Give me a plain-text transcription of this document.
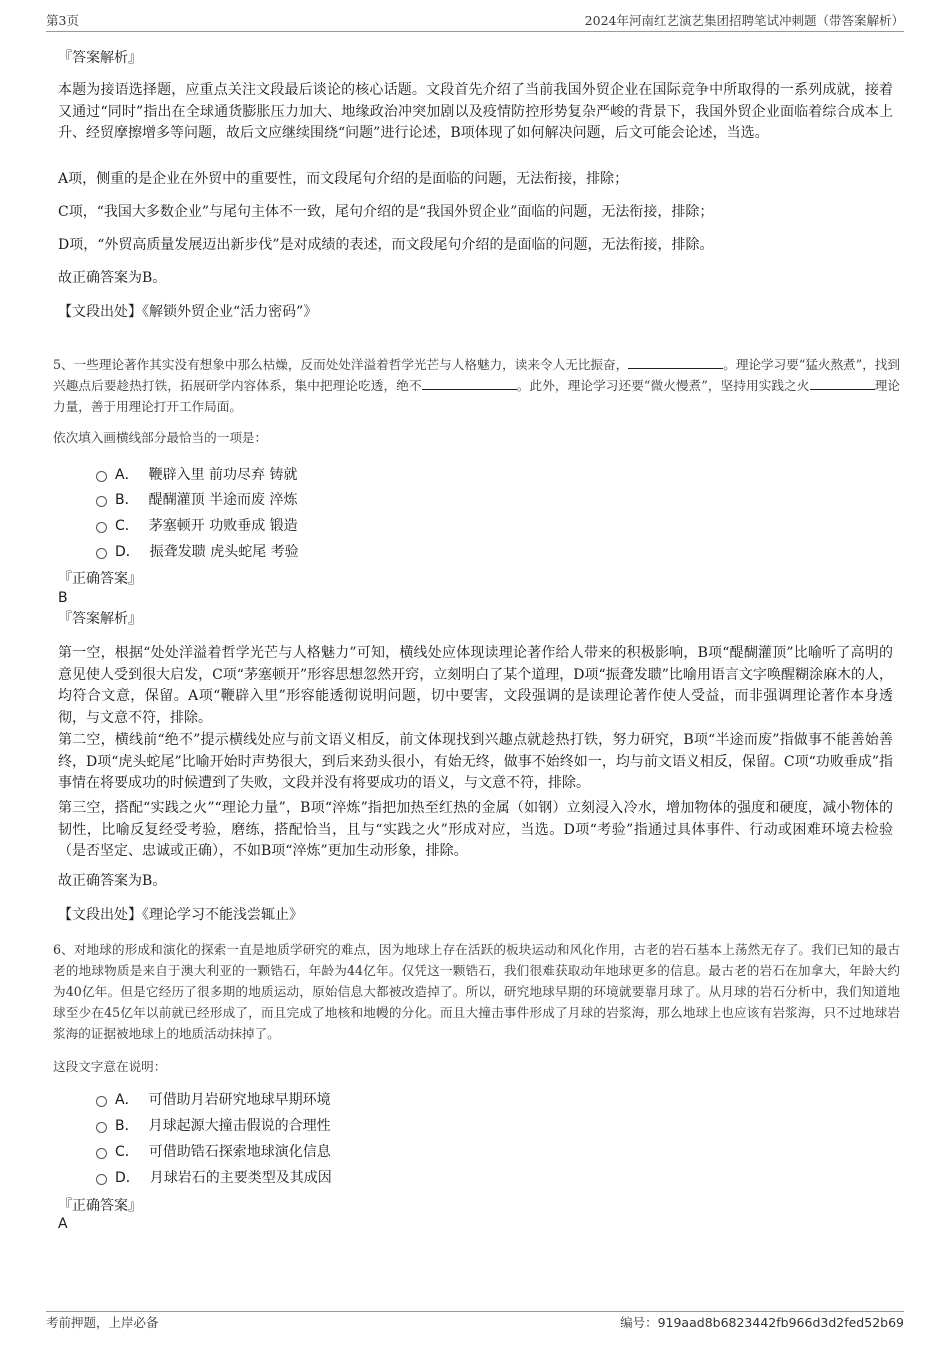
第3页	2024年河南红艺演艺集团招聘笔试冲刺题（带答案解析）
『答案解析』

本题为接语选择题，应重点关注文段最后谈论的核心话题。文段首先介绍了当前我国外贸企业在国际竞争中所取得的一系列成就，接着又通过“同时”指出在全球通货膨胀压力加大、地缘政治冲突加剧以及疫情防控形势复杂严峻的背景下，我国外贸企业面临着综合成本上升、经贸摩擦增多等问题，故后文应继续围绕“问题”进行论述，B项体现了如何解决问题，后文可能会论述，当选。

A项，侧重的是企业在外贸中的重要性，而文段尾句介绍的是面临的问题，无法衔接，排除；

C项，“我国大多数企业”与尾句主体不一致，尾句介绍的是“我国外贸企业”面临的问题，无法衔接，排除；

D项，“外贸高质量发展迈出新步伐”是对成绩的表述，而文段尾句介绍的是面临的问题，无法衔接，排除。

故正确答案为B。

【文段出处】《解锁外贸企业“活力密码”》

5、一些理论著作其实没有想象中那么枯燥，反而处处洋溢着哲学光芒与人格魅力，读来令人无比振奋，	。理论学习要“猛火熬煮”，找到兴趣点后要趁热打铁，拓展研学内容体系，集中把理论吃透，绝不	。此外，理论学习还要“微火慢煮”，坚持用实践之火	理论力量，善于用理论打开工作局面。

依次填入画横线部分最恰当的一项是：
A． 鞭辟入里 前功尽弃 铸就
B． 醍醐灌顶 半途而废 淬炼
C． 茅塞顿开 功败垂成 锻造
D． 振聋发聩 虎头蛇尾 考验
『正确答案』
B
『答案解析』

第一空，根据“处处洋溢着哲学光芒与人格魅力”可知，横线处应体现读理论著作给人带来的积极影响，B项“醍醐灌顶”比喻听了高明的意见使人受到很大启发，C项“茅塞顿开”形容思想忽然开窍，立刻明白了某个道理，D项“振聋发聩”比喻用语言文字唤醒糊涂麻木的人，均符合文意，保留。A项“鞭辟入里”形容能透彻说明问题，切中要害，文段强调的是读理论著作使人受益，而非强调理论著作本身透彻，与文意不符，排除。

第二空，横线前“绝不”提示横线处应与前文语义相反，前文体现找到兴趣点就趁热打铁，努力研究，B项“半途而废”指做事不能善始善终，D项“虎头蛇尾”比喻开始时声势很大，到后来劲头很小，有始无终，做事不始终如一，均与前文语义相反，保留。C项“功败垂成”指事情在将要成功的时候遭到了失败，文段并没有将要成功的语义，与文意不符，排除。

第三空，搭配“实践之火”“理论力量”，B项“淬炼”指把加热至红热的金属（如钢）立刻浸入冷水，增加物体的强度和硬度，减小物体的韧性，比喻反复经受考验，磨练，搭配恰当，且与“实践之火”形成对应，当选。D项“考验”指通过具体事件、行动或困难环境去检验（是否坚定、忠诚或正确），不如B项“淬炼”更加生动形象，排除。

故正确答案为B。

【文段出处】《理论学习不能浅尝辄止》

6、对地球的形成和演化的探索一直是地质学研究的难点，因为地球上存在活跃的板块运动和风化作用，古老的岩石基本上荡然无存了。我们已知的最古老的地球物质是来自于澳大利亚的一颗锆石，年龄为44亿年。仅凭这一颗锆石，我们很难获取动年地球更多的信息。最古老的岩石在加拿大，年龄大约为40亿年。但是它经历了很多期的地质运动，原始信息大都被改造掉了。所以，研究地球早期的环境就要靠月球了。从月球的岩石分析中，我们知道地球至少在45亿年以前就已经形成了，而且完成了地核和地幔的分化。而且大撞击事件形成了月球的岩浆海，那么地球上也应该有岩浆海，只不过地球岩浆海的证据被地球上的地质活动抹掉了。

这段文字意在说明：
A． 可借助月岩研究地球早期环境
B． 月球起源大撞击假说的合理性
C． 可借助锆石探索地球演化信息
D． 月球岩石的主要类型及其成因
『正确答案』
A
考前押题，上岸必备	编号：919aad8b6823442fb966d3d2fed52b69
